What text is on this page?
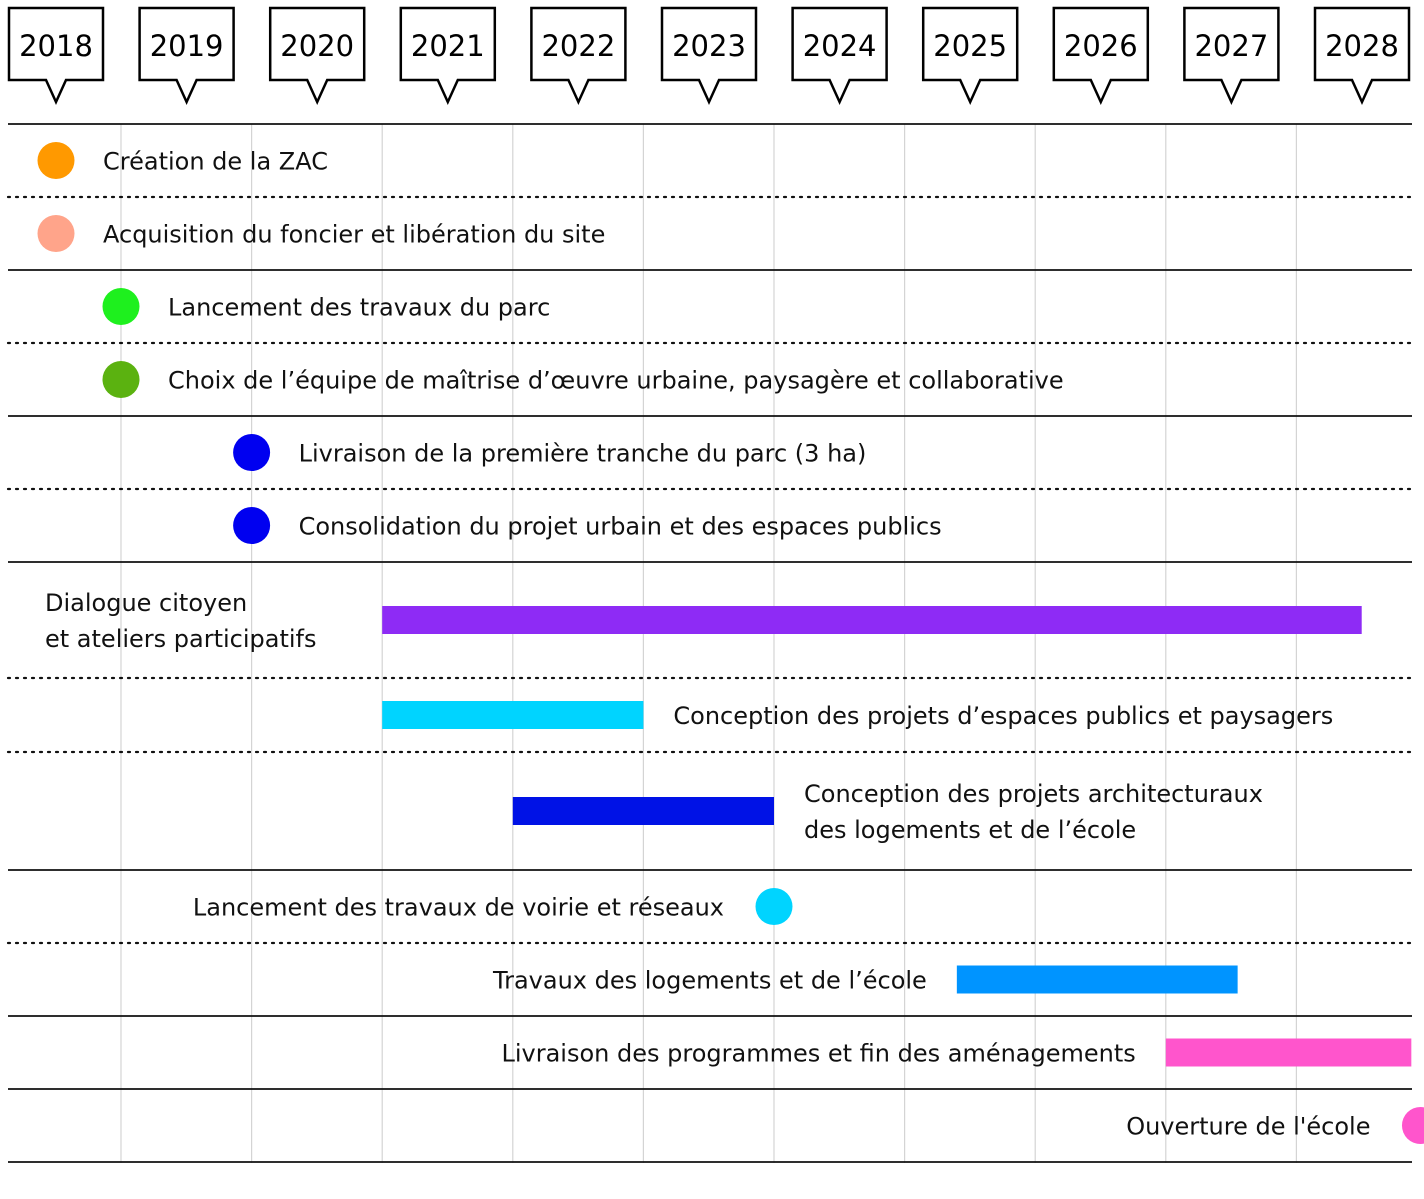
2018 2019 2020 2021 2022 2023 2024 2025 2026 2027 2028
Création de la ZAC
Acquisition du foncier et libération du site
Lancement des travaux du parc
Choix de l’équipe de maîtrise d’œuvre urbaine, paysagère et collaborative
Livraison de la première tranche du parc (3 ha)
Consolidation du projet urbain et des espaces publics
Dialogue citoyen
et ateliers participatifs
Conception des projets d’espaces publics et paysagers
Conception des projets architecturaux
des logements et de l’école
Lancement des travaux de voirie et réseaux
Travaux des logements et de l’école
Livraison des programmes et fin des aménagements
Ouverture de l'école
